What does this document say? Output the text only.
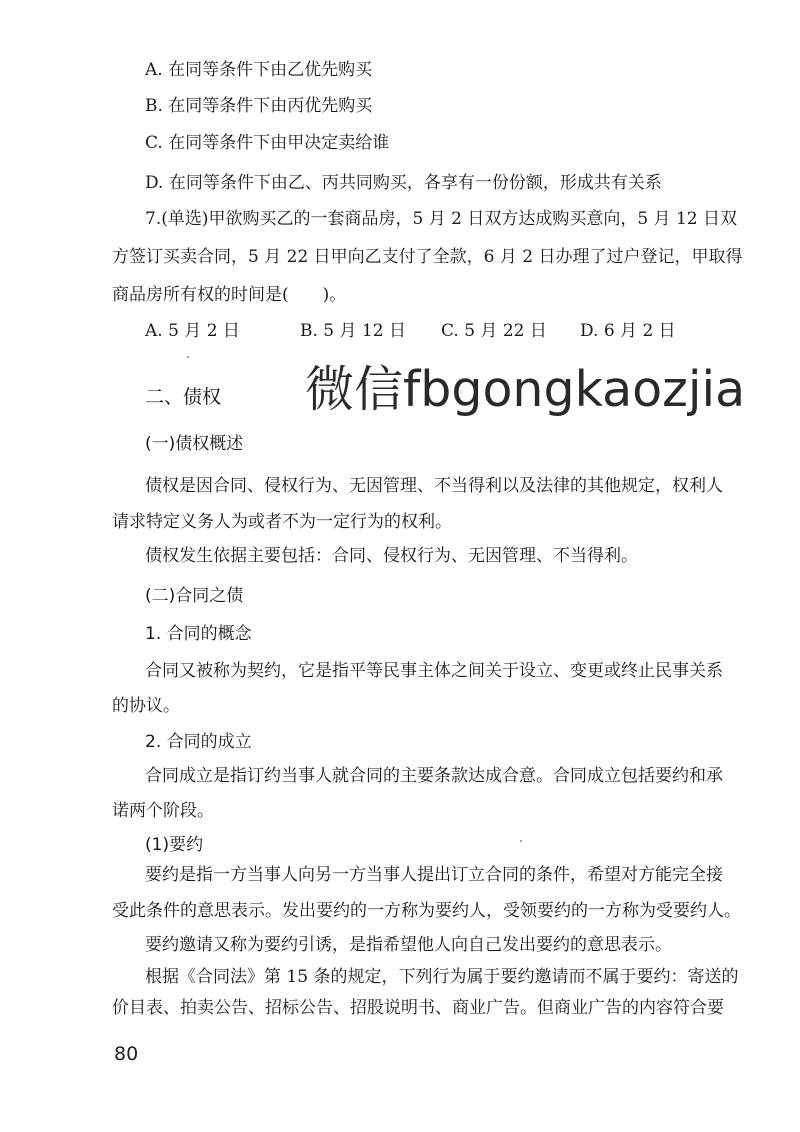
A. 在同等条件下由乙优先购买
B. 在同等条件下由丙优先购买
C. 在同等条件下由甲决定卖给谁
D. 在同等条件下由乙、丙共同购买，各享有一份份额，形成共有关系
7.(单选)甲欲购买乙的一套商品房，5 月 2 日双方达成购买意向，5 月 12 日双
方签订买卖合同，5 月 22 日甲向乙支付了全款，6 月 2 日办理了过户登记，甲取得
商品房所有权的时间是(　　)。
A. 5 月 2 日	B. 5 月 12 日 C. 5 月 22 日 D. 6 月 2 日
二、债权 微信fbgongkaozjia
(一)债权概述
债权是因合同、侵权行为、无因管理、不当得利以及法律的其他规定，权利人
请求特定义务人为或者不为一定行为的权利。
债权发生依据主要包括：合同、侵权行为、无因管理、不当得利。
(二)合同之债
1. 合同的概念
合同又被称为契约，它是指平等民事主体之间关于设立、变更或终止民事关系
的协议。
2. 合同的成立
合同成立是指订约当事人就合同的主要条款达成合意。合同成立包括要约和承
诺两个阶段。
(1)要约
要约是指一方当事人向另一方当事人提出订立合同的条件，希望对方能完全接
受此条件的意思表示。发出要约的一方称为要约人，受领要约的一方称为受要约人。
要约邀请又称为要约引诱，是指希望他人向自己发出要约的意思表示。
根据《合同法》第 15 条的规定，下列行为属于要约邀请而不属于要约：寄送的
价目表、拍卖公告、招标公告、招股说明书、商业广告。但商业广告的内容符合要
80
